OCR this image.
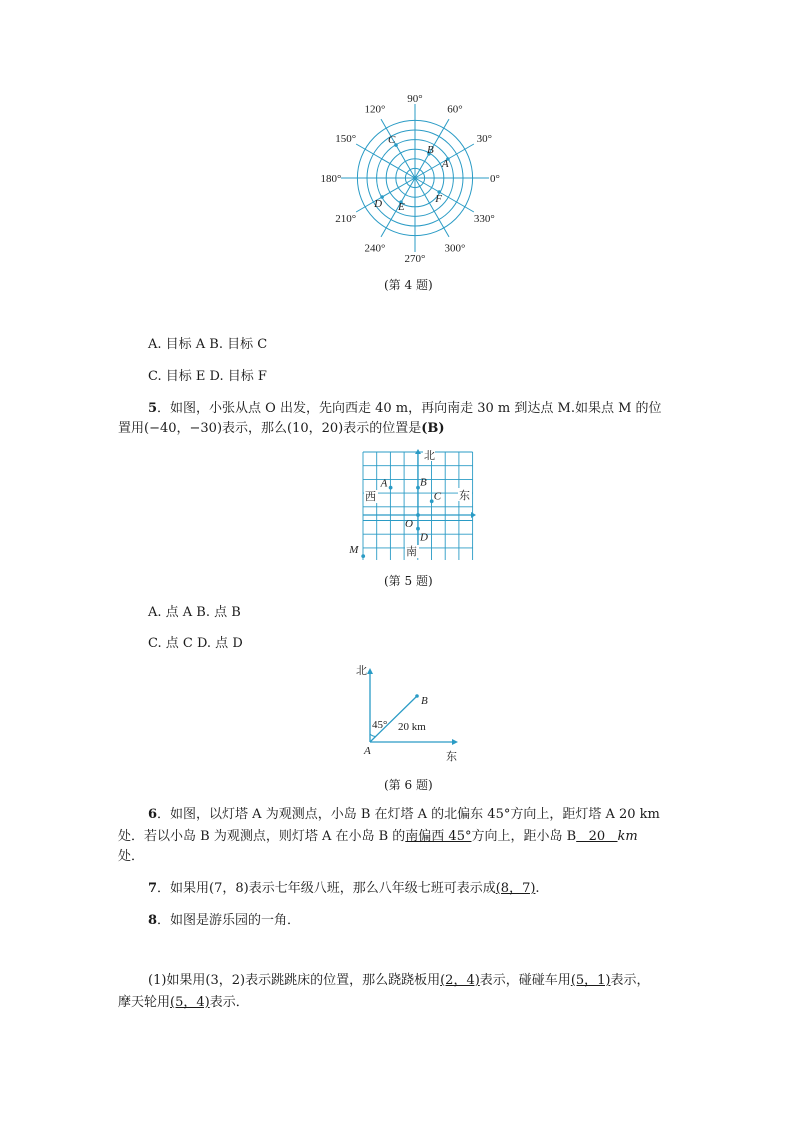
0°
30°
60°
90°
120°
150°
180°
210°
240°
270°
300°
330°
A
B
C
D E
F
(第 4 题)
A. 目标 A B. 目标 C
C. 目标 E D. 目标 F
5．如图，小张从点 O 出发，先向西走 40 m，再向南走 30 m 到达点 M.如果点 M 的位
置用(−40，−30)表示，那么(10，20)表示的位置是(B)
北
南
东
西
A	B
C
O
D
M
(第 5 题)
A. 点 A B. 点 B
C. 点 C D. 点 D
北
东
45° 20 km
A
B
(第 6 题)
6．如图，以灯塔 A 为观测点，小岛 B 在灯塔 A 的北偏东 45°方向上，距灯塔 A 20 km
处．若以小岛 B 为观测点，则灯塔 A 在小岛 B 的南偏西 45°方向上，距小岛 B   20   km
处．
7．如果用(7，8)表示七年级八班，那么八年级七班可表示成(8，7).
8．如图是游乐园的一角．
(1)如果用(3，2)表示跳跳床的位置，那么跷跷板用(2，4)表示，碰碰车用(5，1)表示，
摩天轮用(5，4)表示．
